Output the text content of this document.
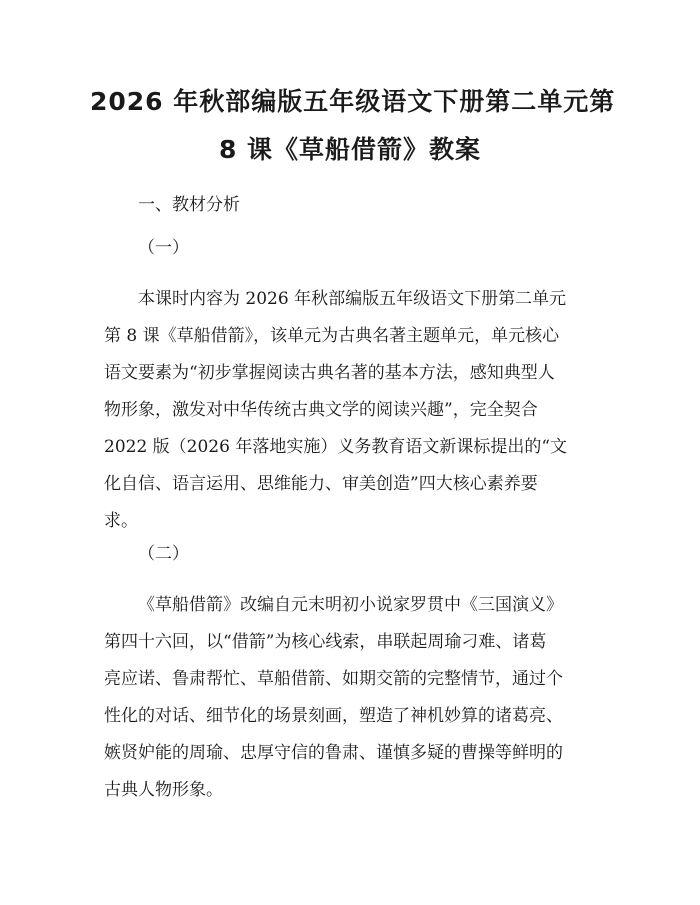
2026 年秋部编版五年级语文下册第二单元第
8 课《草船借箭》教案
一、教材分析
（一）
本课时内容为 2026 年秋部编版五年级语文下册第二单元
第 8 课《草船借箭》，该单元为古典名著主题单元，单元核心
语文要素为“初步掌握阅读古典名著的基本方法，感知典型人
物形象，激发对中华传统古典文学的阅读兴趣”，完全契合
2022 版（2026 年落地实施）义务教育语文新课标提出的“文
化自信、语言运用、思维能力、审美创造”四大核心素养要
求。
（二）
《草船借箭》改编自元末明初小说家罗贯中《三国演义》
第四十六回，以“借箭”为核心线索，串联起周瑜刁难、诸葛
亮应诺、鲁肃帮忙、草船借箭、如期交箭的完整情节，通过个
性化的对话、细节化的场景刻画，塑造了神机妙算的诸葛亮、
嫉贤妒能的周瑜、忠厚守信的鲁肃、谨慎多疑的曹操等鲜明的
古典人物形象。
